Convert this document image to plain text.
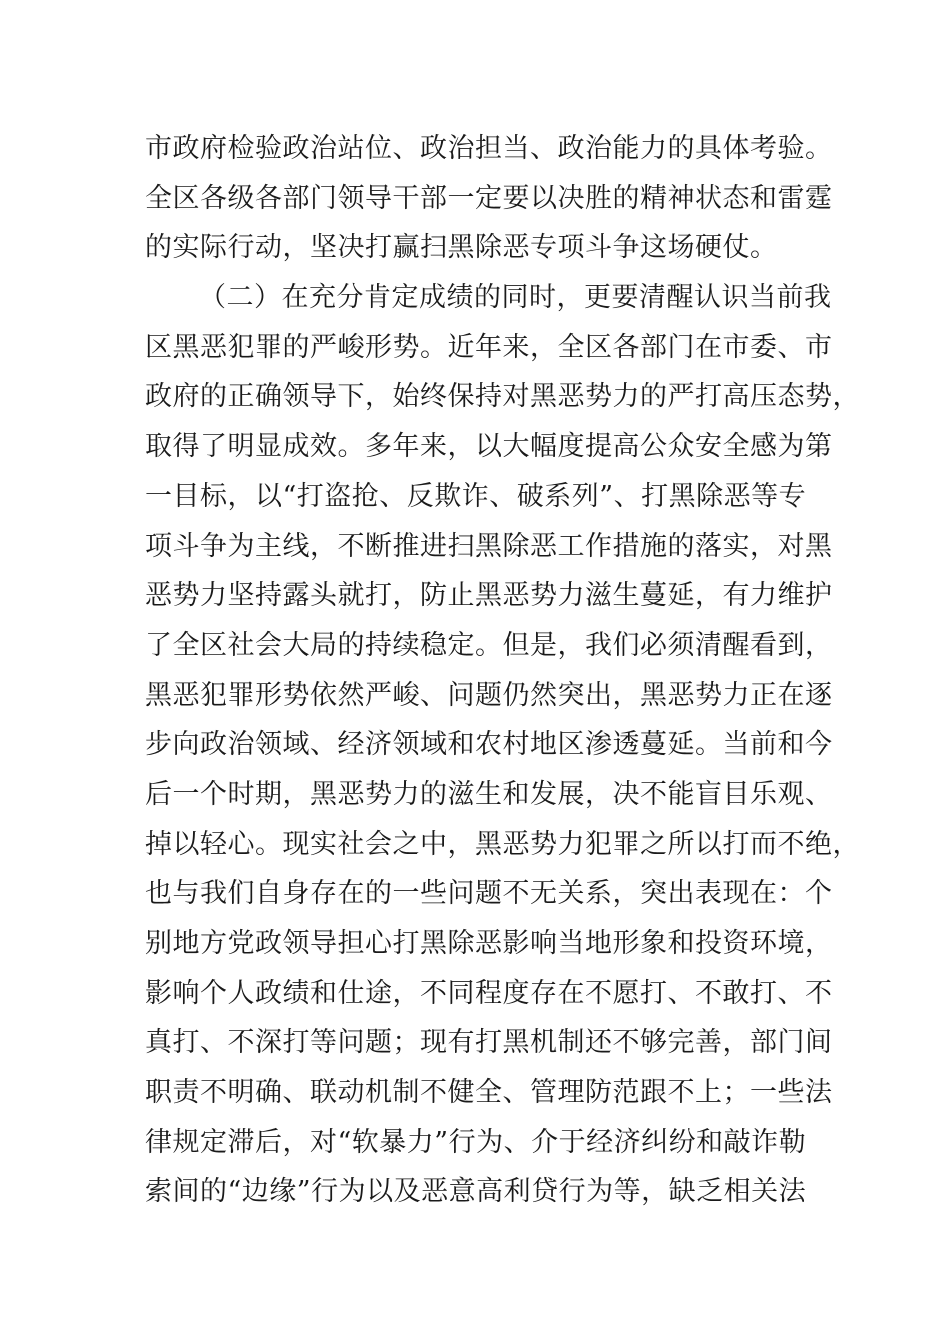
市政府检验政治站位、政治担当、政治能力的具体考验。
全区各级各部门领导干部一定要以决胜的精神状态和雷霆
的实际行动，坚决打赢扫黑除恶专项斗争这场硬仗。
（二）在充分肯定成绩的同时，更要清醒认识当前我
区黑恶犯罪的严峻形势。近年来，全区各部门在市委、市
政府的正确领导下，始终保持对黑恶势力的严打高压态势，
取得了明显成效。多年来，以大幅度提高公众安全感为第
一目标，以“打盗抢、反欺诈、破系列”、打黑除恶等专
项斗争为主线，不断推进扫黑除恶工作措施的落实，对黑
恶势力坚持露头就打，防止黑恶势力滋生蔓延，有力维护
了全区社会大局的持续稳定。但是，我们必须清醒看到，
黑恶犯罪形势依然严峻、问题仍然突出，黑恶势力正在逐
步向政治领域、经济领域和农村地区渗透蔓延。当前和今
后一个时期，黑恶势力的滋生和发展，决不能盲目乐观、
掉以轻心。现实社会之中，黑恶势力犯罪之所以打而不绝，
也与我们自身存在的一些问题不无关系，突出表现在：个
别地方党政领导担心打黑除恶影响当地形象和投资环境，
影响个人政绩和仕途，不同程度存在不愿打、不敢打、不
真打、不深打等问题；现有打黑机制还不够完善，部门间
职责不明确、联动机制不健全、管理防范跟不上；一些法
律规定滞后，对“软暴力”行为、介于经济纠纷和敲诈勒
索间的“边缘”行为以及恶意高利贷行为等，缺乏相关法
